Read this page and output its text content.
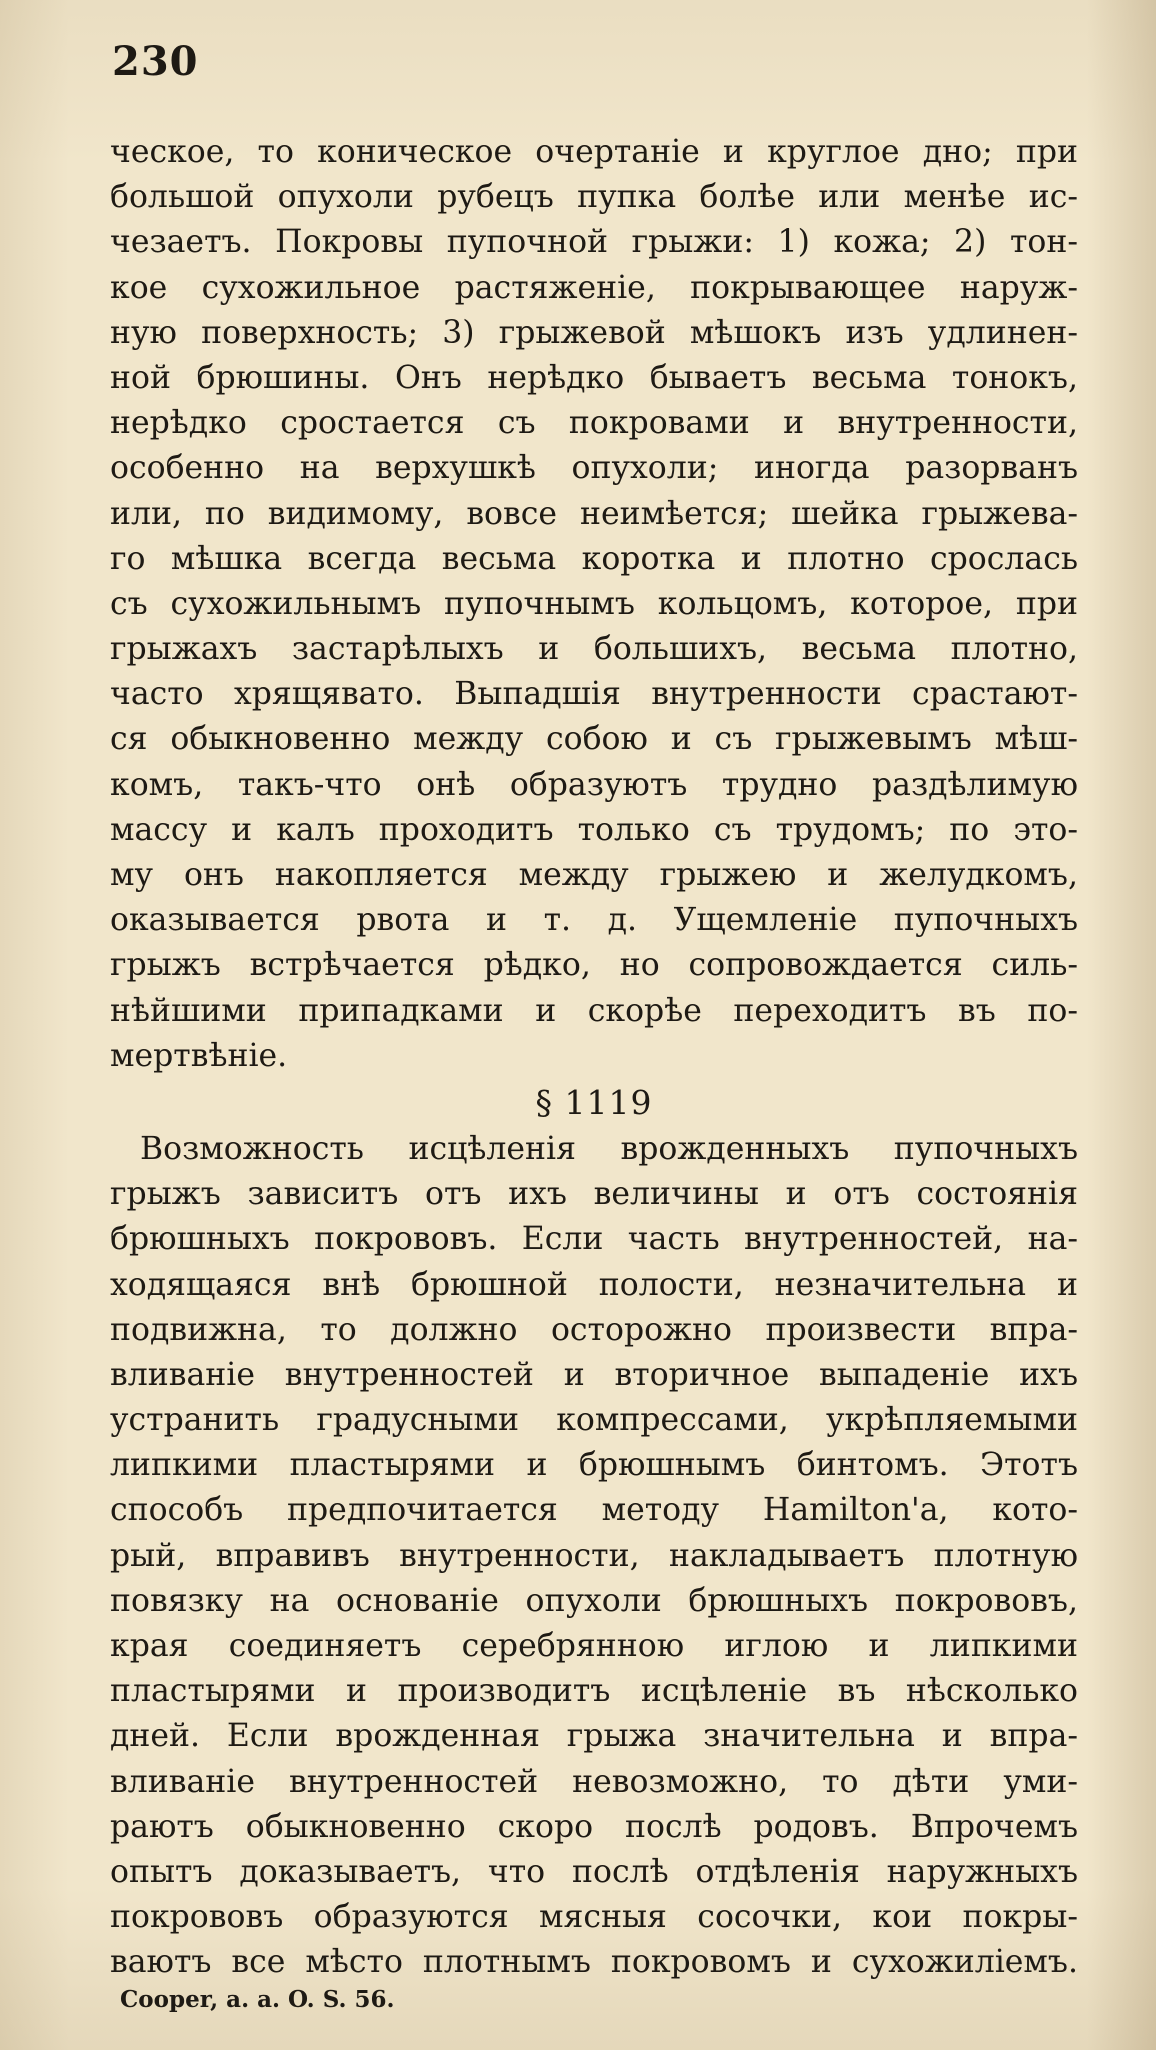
230
ческое, то коническое очертаніе и круглое дно; при
большой опухоли рубецъ пупка болѣе или менѣе ис-
чезаетъ. Покровы пупочной грыжи: 1) кожа; 2) тон-
кое сухожильное растяженіе, покрывающее наруж-
ную поверхность; 3) грыжевой мѣшокъ изъ удлинен-
ной брюшины. Онъ нерѣдко бываетъ весьма тонокъ,
нерѣдко сростается съ покровами и внутренности,
особенно на верхушкѣ опухоли; иногда разорванъ
или, по видимому, вовсе неимѣется; шейка грыжева-
го мѣшка всегда весьма коротка и плотно срослась
съ сухожильнымъ пупочнымъ кольцомъ, которое, при
грыжахъ застарѣлыхъ и большихъ, весьма плотно,
часто хрящявато. Выпадшія внутренности срастают-
ся обыкновенно между собою и съ грыжевымъ мѣш-
комъ, такъ-что онѣ образуютъ трудно раздѣлимую
массу и калъ проходитъ только съ трудомъ; по это-
му онъ накопляется между грыжею и желудкомъ,
оказывается рвота и т. д. Ущемленіе пупочныхъ
грыжъ встрѣчается рѣдко, но сопровождается силь-
нѣйшими припадками и скорѣе переходитъ въ по-
мертвѣніе.
§ 1119
Возможность исцѣленія врожденныхъ пупочныхъ
грыжъ зависитъ отъ ихъ величины и отъ состоянія
брюшныхъ покрововъ. Если часть внутренностей, на-
ходящаяся внѣ брюшной полости, незначительна и
подвижна, то должно осторожно произвести впра-
вливаніе внутренностей и вторичное выпаденіе ихъ
устранить градусными компрессами, укрѣпляемыми
липкими пластырями и брюшнымъ бинтомъ. Этотъ
способъ предпочитается методу Hamilton'a, кото-
рый, вправивъ внутренности, накладываетъ плотную
повязку на основаніе опухоли брюшныхъ покрововъ,
края соединяетъ серебрянною иглою и липкими
пластырями и производитъ исцѣленіе въ нѣсколько
дней. Если врожденная грыжа значительна и впра-
вливаніе внутренностей невозможно, то дѣти уми-
раютъ обыкновенно скоро послѣ родовъ. Впрочемъ
опытъ доказываетъ, что послѣ отдѣленія наружныхъ
покрововъ образуются мясныя сосочки, кои покры-
ваютъ все мѣсто плотнымъ покровомъ и сухожиліемъ.
Cooper, a. a. O. S. 56.
